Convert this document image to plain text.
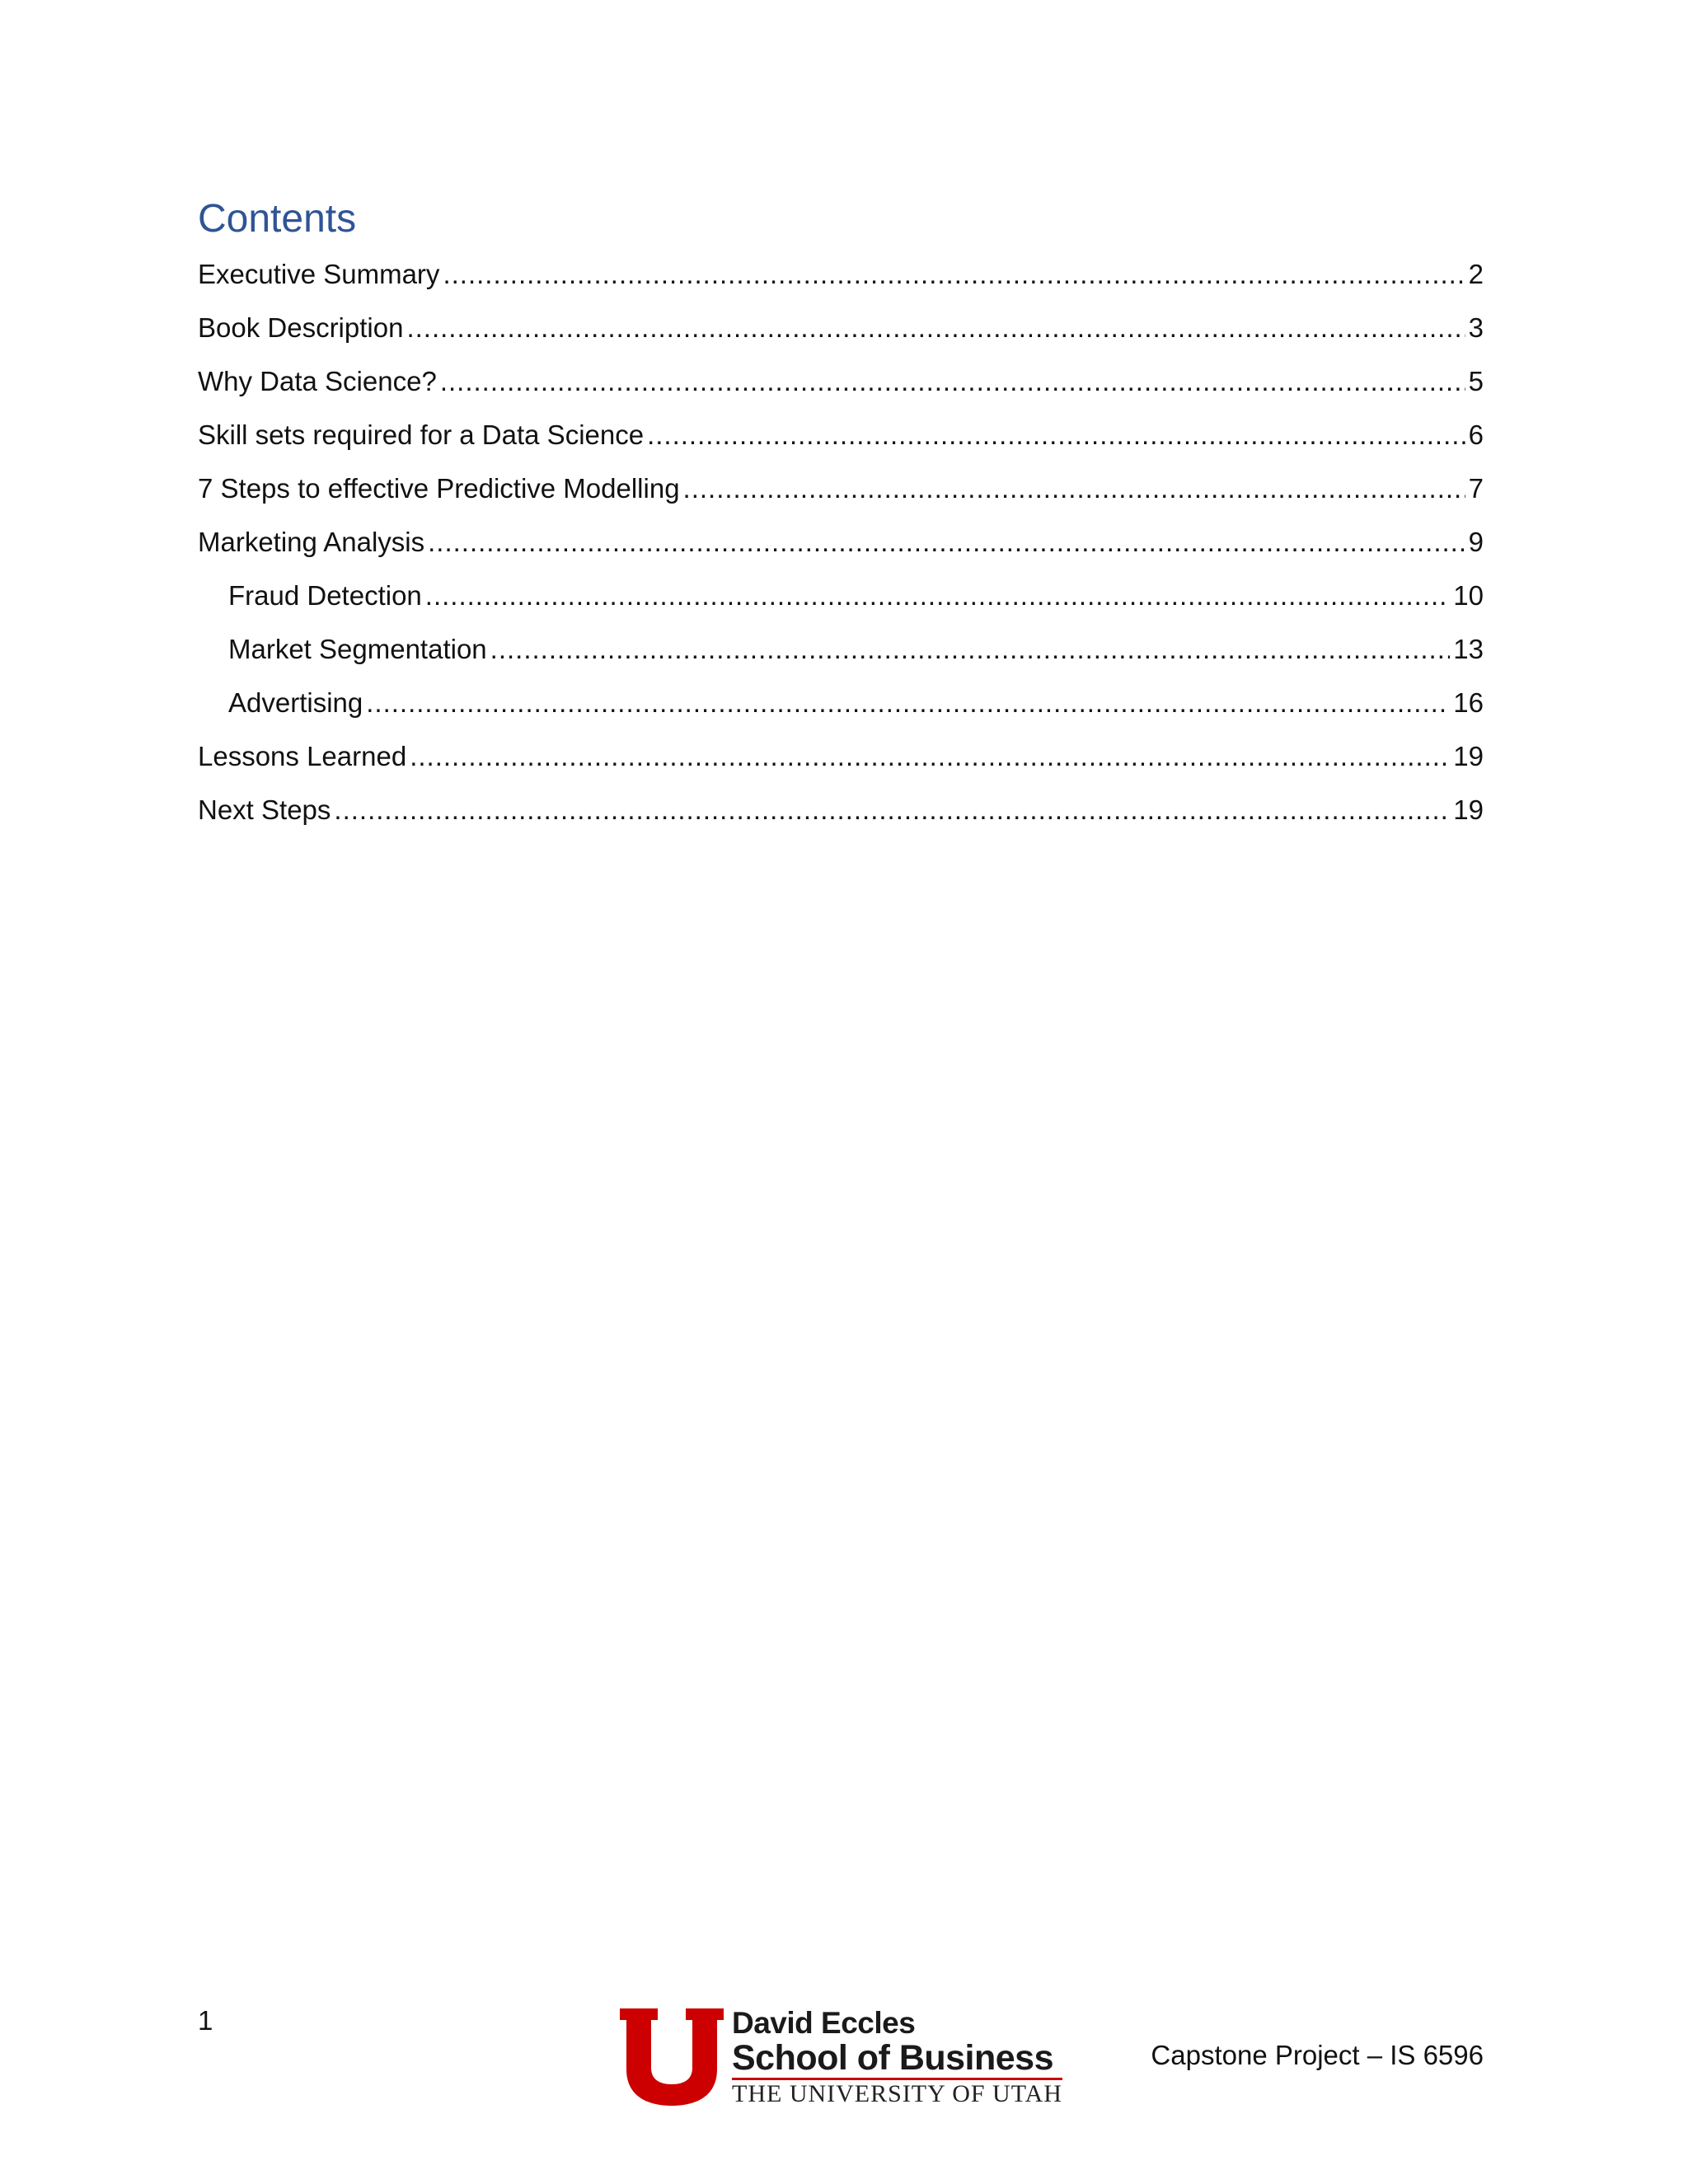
Contents
Executive Summary .....	2
Book Description .....	3
Why Data Science? .....	5
Skill sets required for a Data Science .....	6
7 Steps to effective Predictive Modelling .....	7
Marketing Analysis .....	9
Fraud Detection .....	10
Market Segmentation .....	13
Advertising .....	16
Lessons Learned .....	19
Next Steps .....	19
1	David Eccles
School of Business
THE UNIVERSITY OF UTAH
Capstone Project – IS 6596
